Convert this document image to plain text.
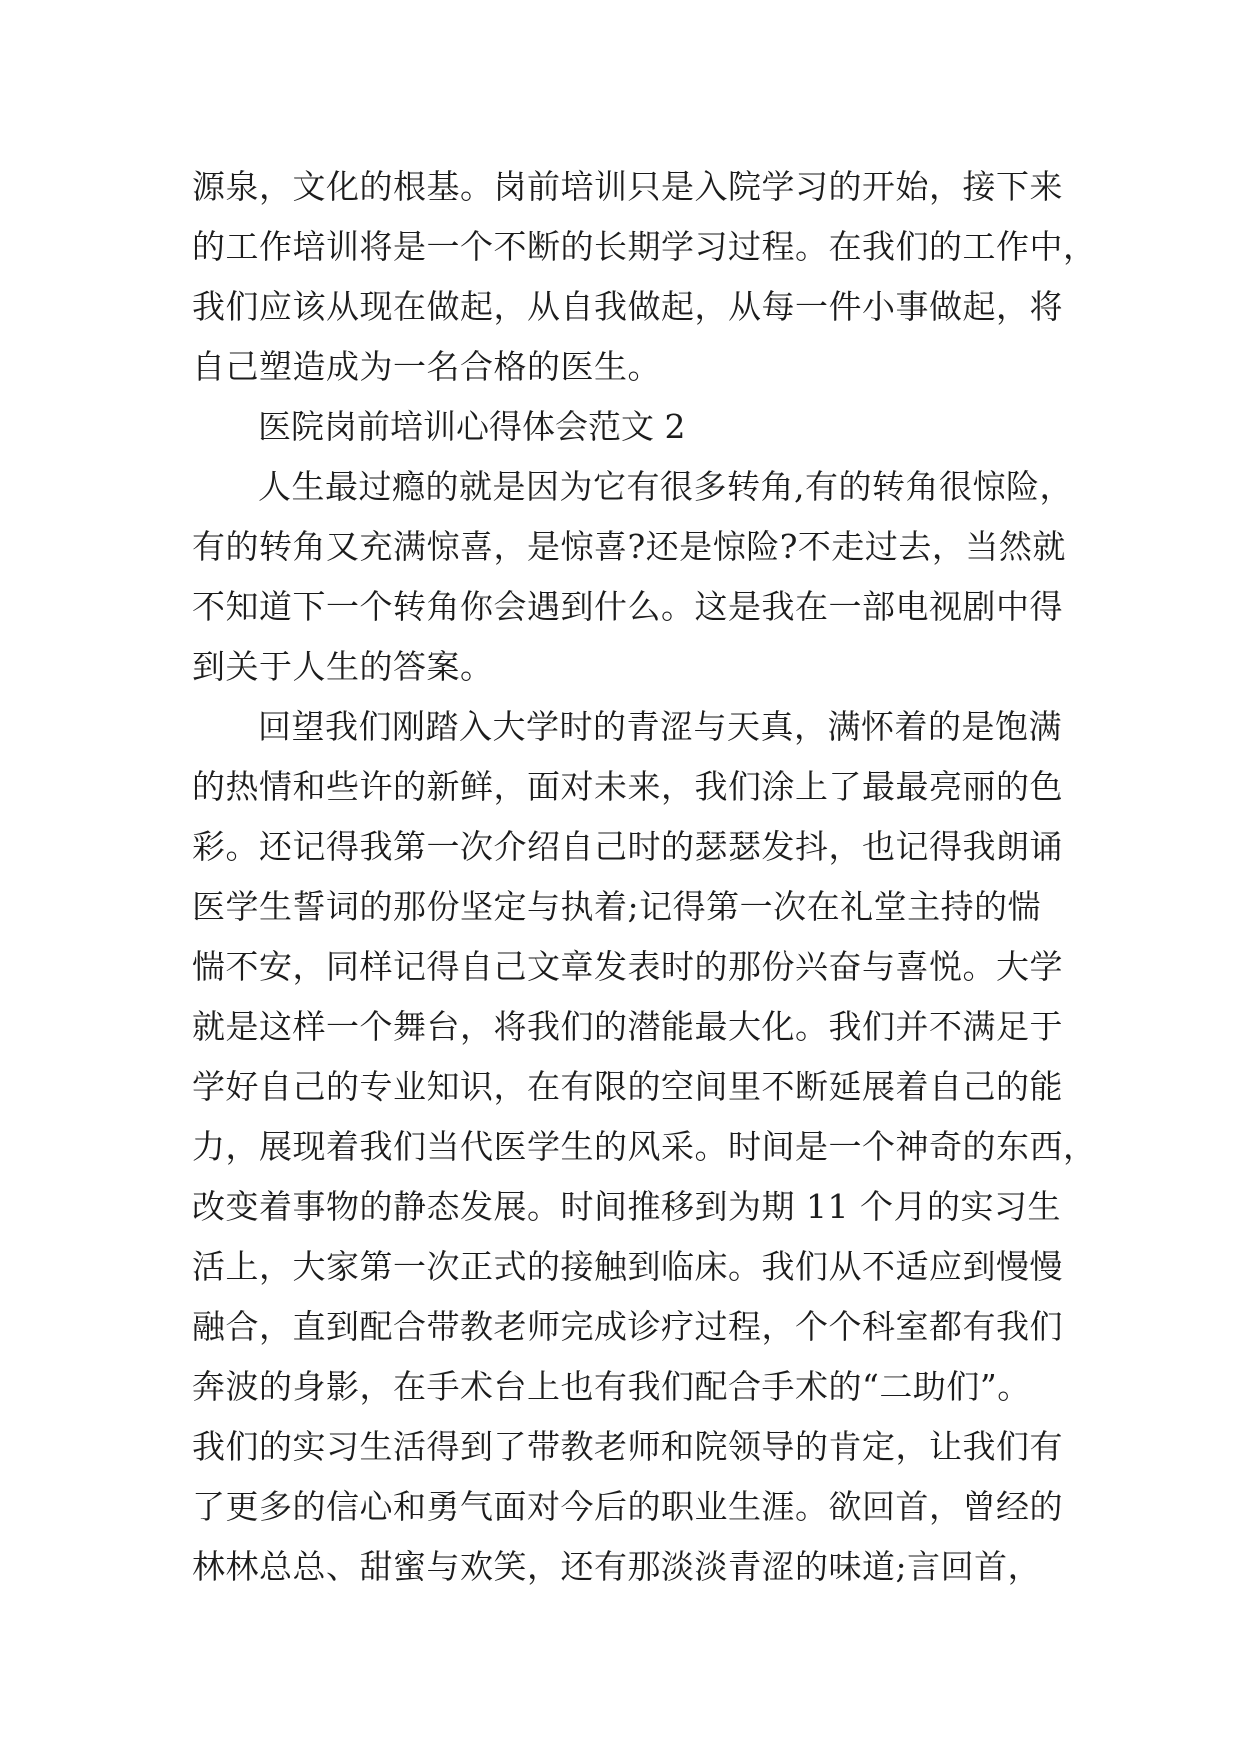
源泉，文化的根基。岗前培训只是入院学习的开始，接下来
的工作培训将是一个不断的长期学习过程。在我们的工作中，
我们应该从现在做起，从自我做起，从每一件小事做起，将
自己塑造成为一名合格的医生。
医院岗前培训心得体会范文 2
人生最过瘾的就是因为它有很多转角,有的转角很惊险，
有的转角又充满惊喜，是惊喜?还是惊险?不走过去，当然就
不知道下一个转角你会遇到什么。这是我在一部电视剧中得
到关于人生的答案。
回望我们刚踏入大学时的青涩与天真，满怀着的是饱满
的热情和些许的新鲜，面对未来，我们涂上了最最亮丽的色
彩。还记得我第一次介绍自己时的瑟瑟发抖，也记得我朗诵
医学生誓词的那份坚定与执着;记得第一次在礼堂主持的惴
惴不安，同样记得自己文章发表时的那份兴奋与喜悦。大学
就是这样一个舞台，将我们的潜能最大化。我们并不满足于
学好自己的专业知识，在有限的空间里不断延展着自己的能
力，展现着我们当代医学生的风采。时间是一个神奇的东西，
改变着事物的静态发展。时间推移到为期 11 个月的实习生
活上，大家第一次正式的接触到临床。我们从不适应到慢慢
融合，直到配合带教老师完成诊疗过程，个个科室都有我们
奔波的身影，在手术台上也有我们配合手术的“二助们”。
我们的实习生活得到了带教老师和院领导的肯定，让我们有
了更多的信心和勇气面对今后的职业生涯。欲回首，曾经的
林林总总、甜蜜与欢笑，还有那淡淡青涩的味道;言回首，
